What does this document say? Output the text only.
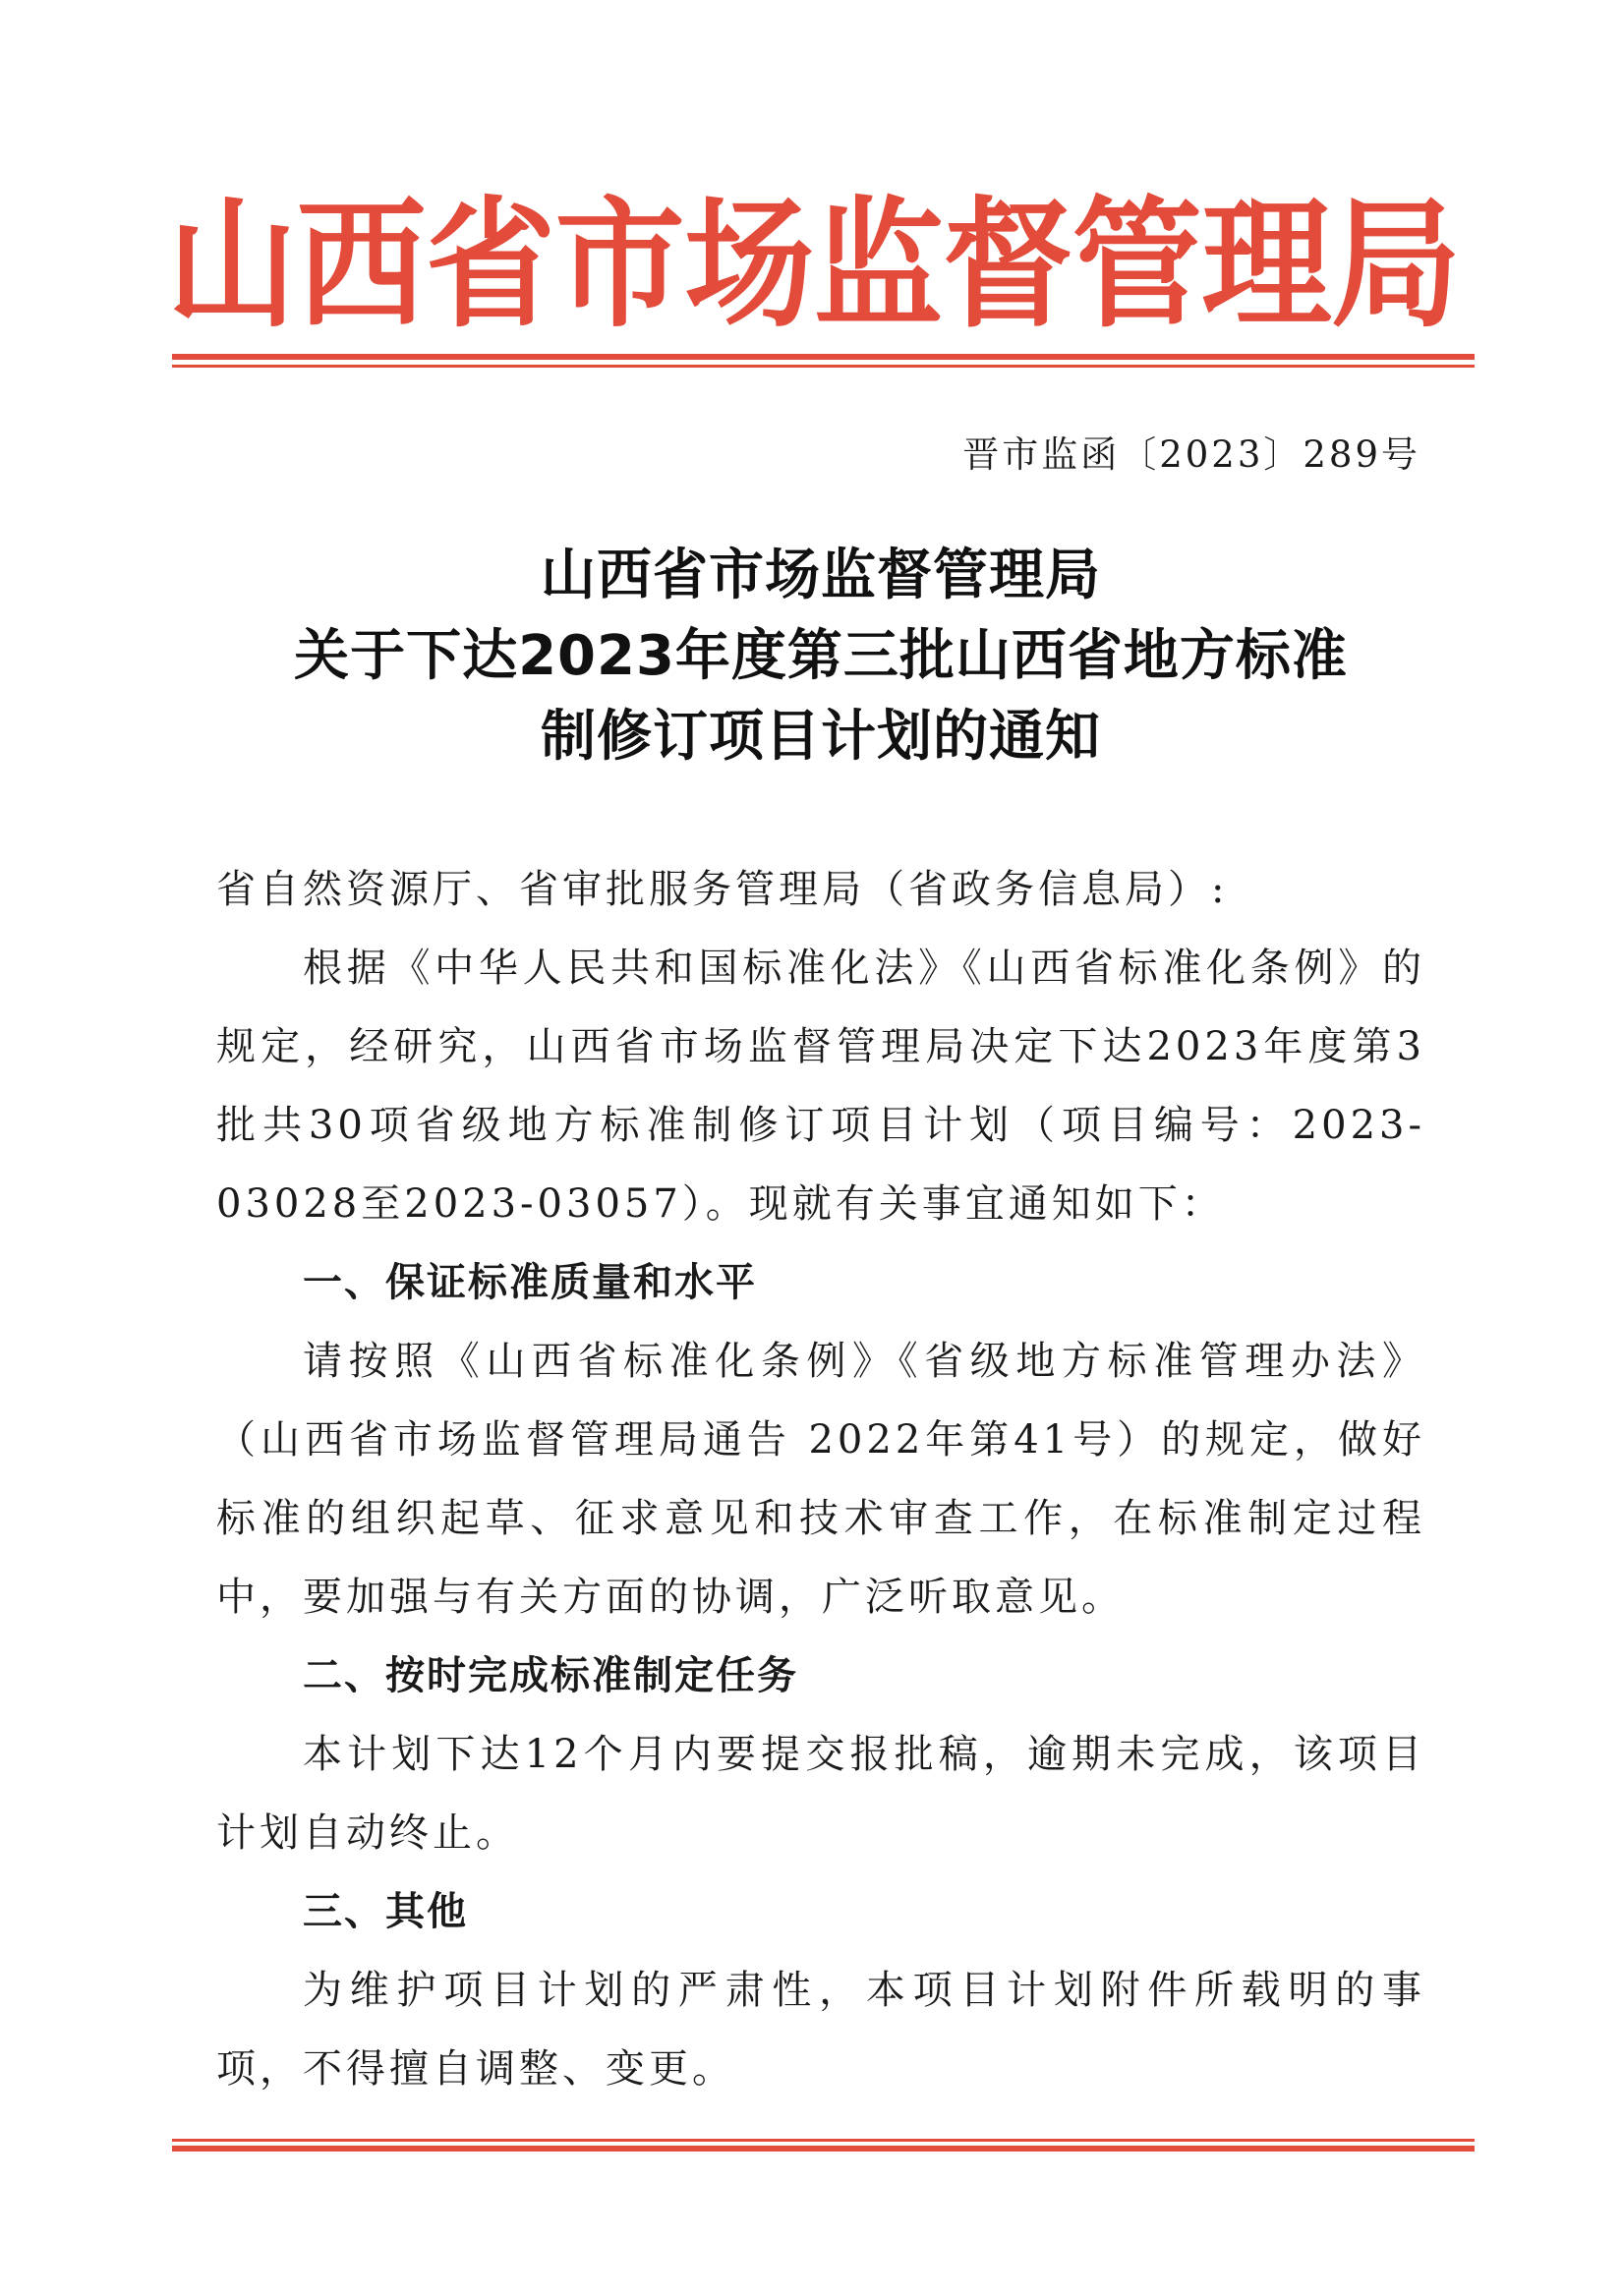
山 西 省 市 场 监 督 管 理 局
晋市监函〔2023〕289号
山西省市场监督管理局
关于下达2023年度第三批山西省地方标准
制修订项目计划的通知

省自然资源厅、省审批服务管理局（省政务信息局）:

根据《中华人民共和国标准化法》《山西省标准化条例》的规定，经研究，山西省市场监督管理局决定下达2023年度第3批共30项省级地方标准制修订项目计划（项目编号：2023-03028至2023-03057）。现就有关事宜通知如下：

一、保证标准质量和水平

请按照《山西省标准化条例》《省级地方标准管理办法》（山西省市场监督管理局通告 2022年第41号）的规定，做好标准的组织起草、征求意见和技术审查工作，在标准制定过程中，要加强与有关方面的协调，广泛听取意见。

二、按时完成标准制定任务

本计划下达12个月内要提交报批稿，逾期未完成，该项目计划自动终止。

三、其他

为维护项目计划的严肃性，本项目计划附件所载明的事项，不得擅自调整、变更。
